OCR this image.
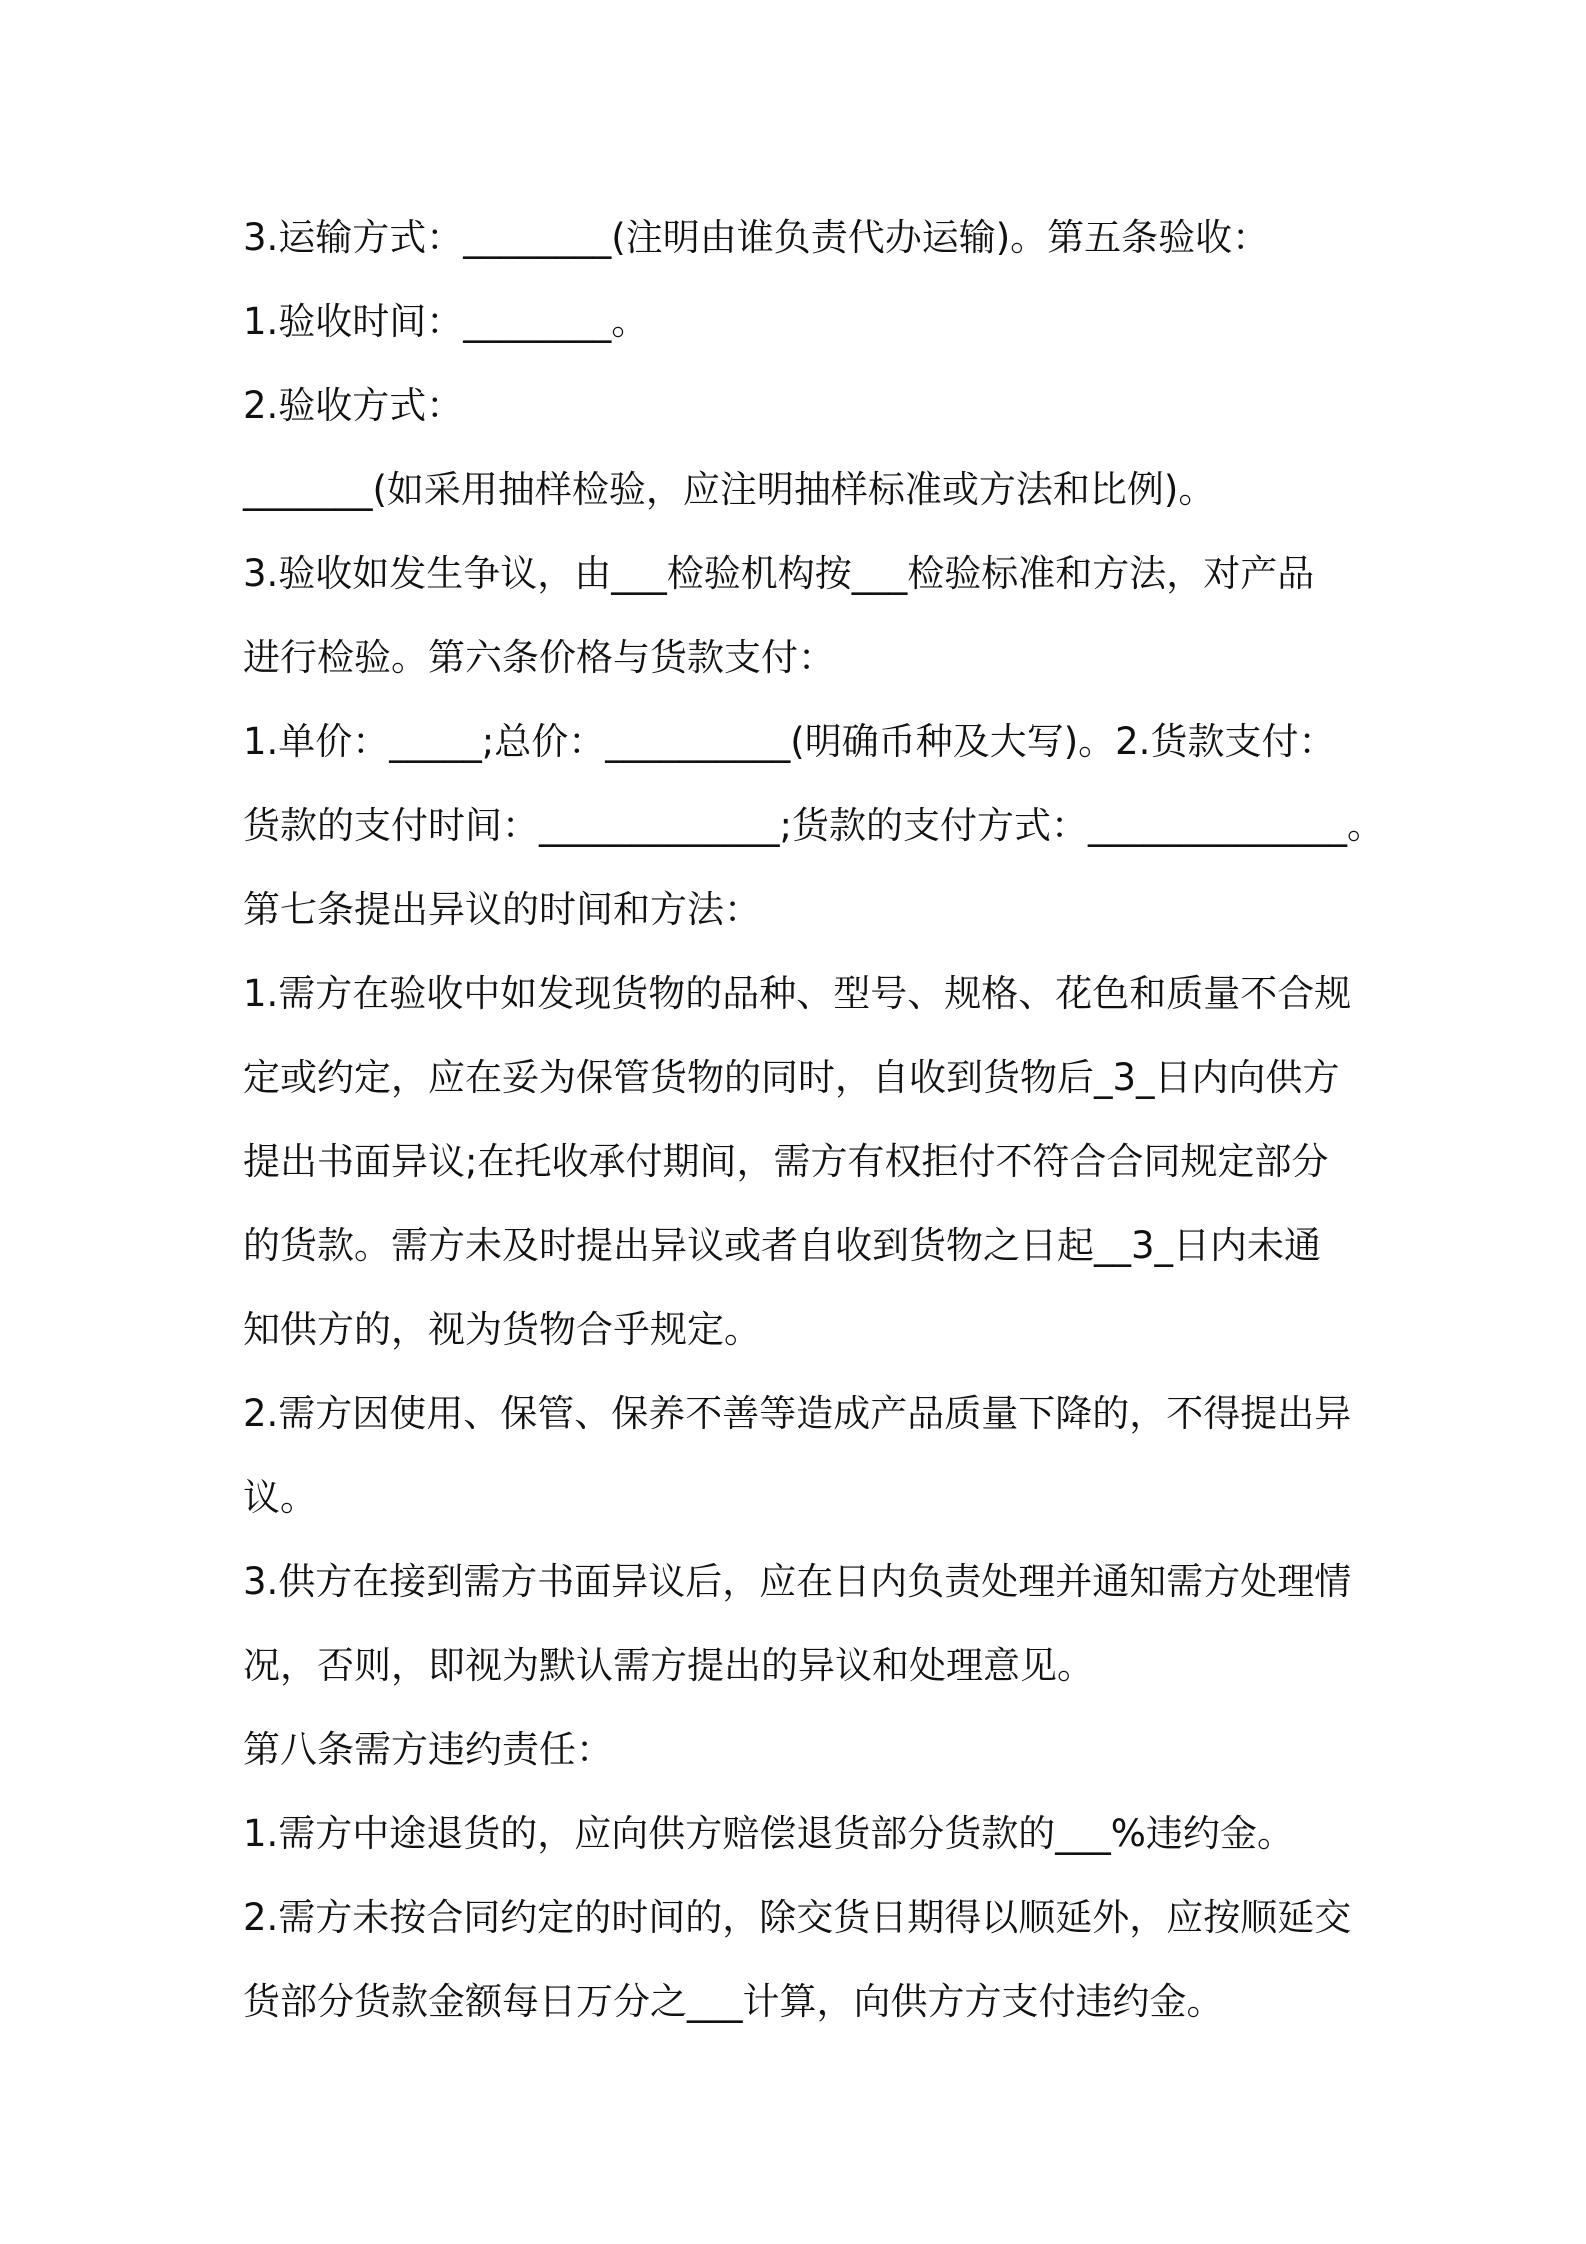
3.运输方式：________(注明由谁负责代办运输)。第五条验收：
1.验收时间：________。
2.验收方式：
_______(如采用抽样检验，应注明抽样标准或方法和比例)。
3.验收如发生争议，由___检验机构按___检验标准和方法，对产品
进行检验。第六条价格与货款支付：
1.单价：_____;总价：__________(明确币种及大写)。2.货款支付：
货款的支付时间：_____________;货款的支付方式：______________。
第七条提出异议的时间和方法：
1.需方在验收中如发现货物的品种、型号、规格、花色和质量不合规
定或约定，应在妥为保管货物的同时，自收到货物后_3_日内向供方
提出书面异议;在托收承付期间，需方有权拒付不符合合同规定部分
的货款。需方未及时提出异议或者自收到货物之日起__3_日内未通
知供方的，视为货物合乎规定。
2.需方因使用、保管、保养不善等造成产品质量下降的，不得提出异
议。
3.供方在接到需方书面异议后，应在日内负责处理并通知需方处理情
况，否则，即视为默认需方提出的异议和处理意见。
第八条需方违约责任：
1.需方中途退货的，应向供方赔偿退货部分货款的___%违约金。
2.需方未按合同约定的时间的，除交货日期得以顺延外，应按顺延交
货部分货款金额每日万分之___计算，向供方方支付违约金。
